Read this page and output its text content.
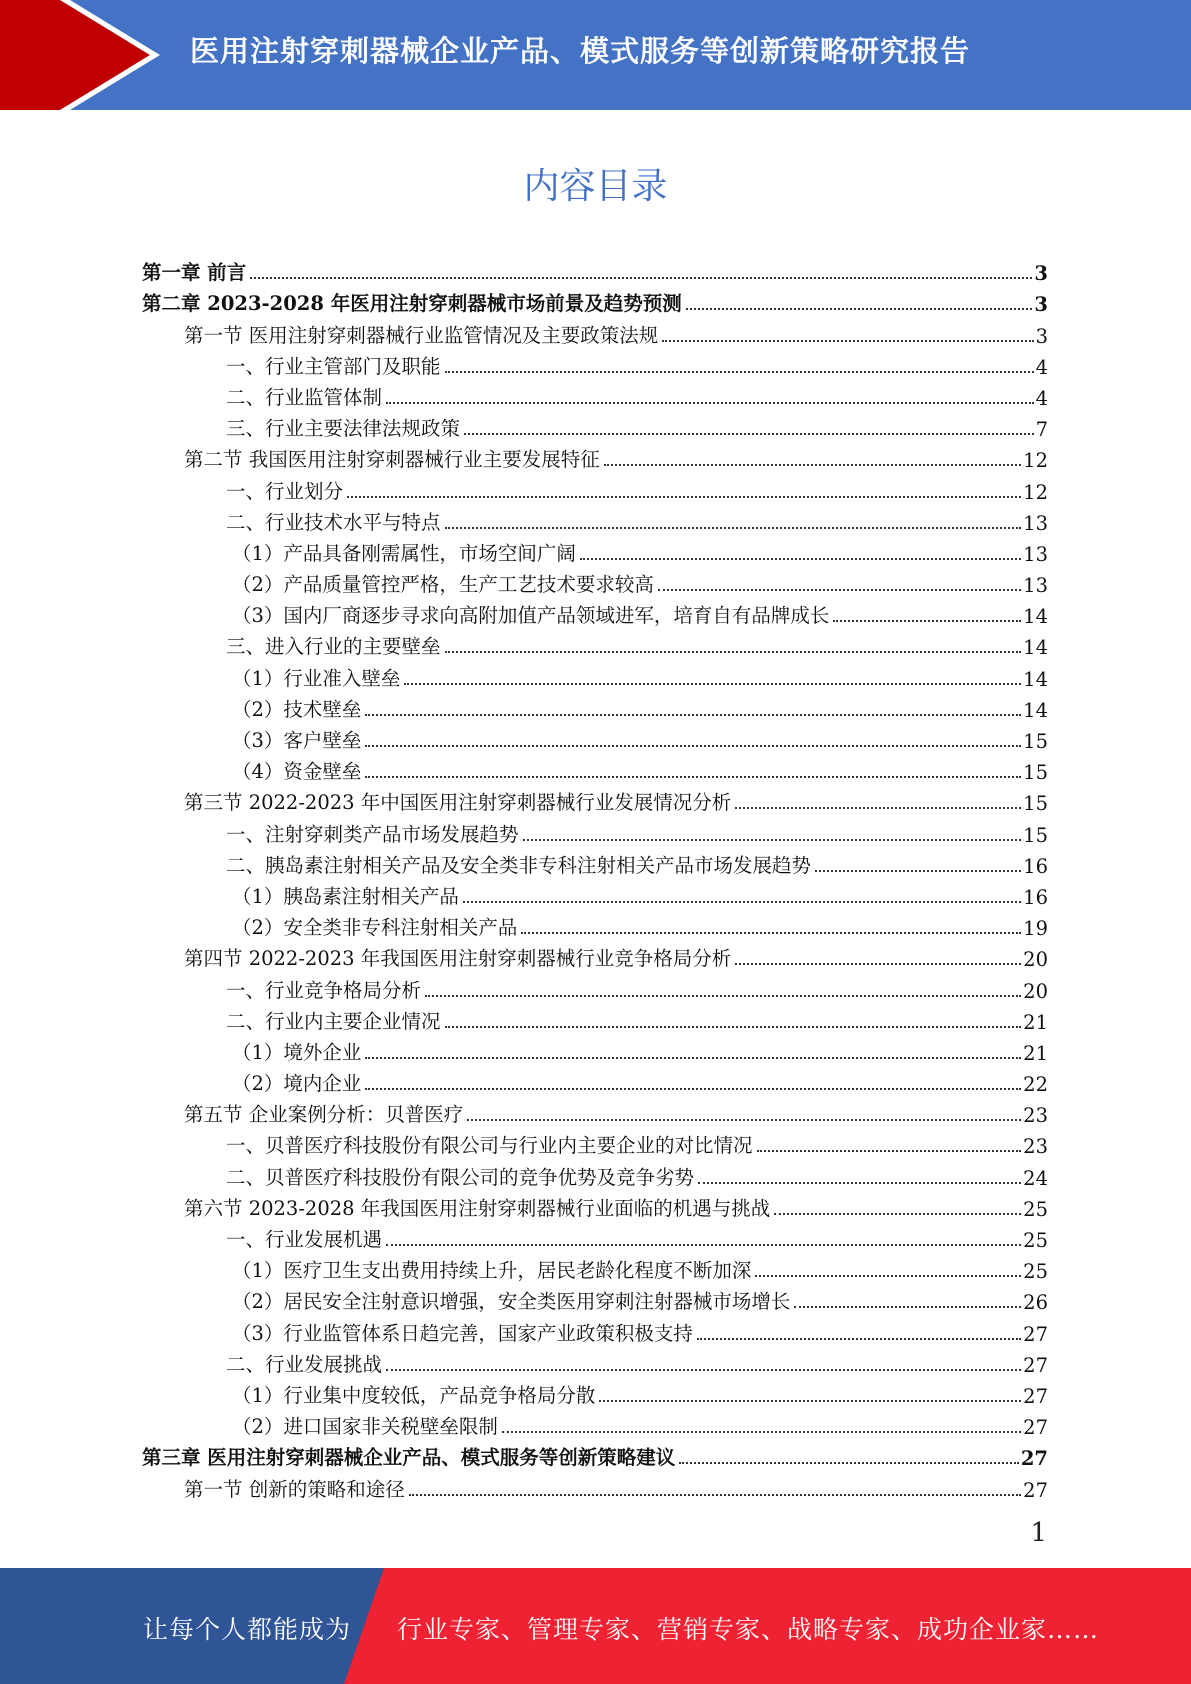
医用注射穿刺器械企业产品、模式服务等创新策略研究报告
内容目录
第一章 前言	3
第二章 2023-2028 年医用注射穿刺器械市场前景及趋势预测	3
第一节 医用注射穿刺器械行业监管情况及主要政策法规	3
一、行业主管部门及职能	4
二、行业监管体制	4
三、行业主要法律法规政策	7
第二节 我国医用注射穿刺器械行业主要发展特征	12
一、行业划分	12
二、行业技术水平与特点	13
（1）产品具备刚需属性，市场空间广阔	13
（2）产品质量管控严格，生产工艺技术要求较高	13
（3）国内厂商逐步寻求向高附加值产品领域进军，培育自有品牌成长	14
三、进入行业的主要壁垒	14
（1）行业准入壁垒	14
（2）技术壁垒	14
（3）客户壁垒	15
（4）资金壁垒	15
第三节 2022-2023 年中国医用注射穿刺器械行业发展情况分析	15
一、注射穿刺类产品市场发展趋势	15
二、胰岛素注射相关产品及安全类非专科注射相关产品市场发展趋势	16
（1）胰岛素注射相关产品	16
（2）安全类非专科注射相关产品	19
第四节 2022-2023 年我国医用注射穿刺器械行业竞争格局分析	20
一、行业竞争格局分析	20
二、行业内主要企业情况	21
（1）境外企业	21
（2）境内企业	22
第五节 企业案例分析：贝普医疗	23
一、贝普医疗科技股份有限公司与行业内主要企业的对比情况	23
二、贝普医疗科技股份有限公司的竞争优势及竞争劣势	24
第六节 2023-2028 年我国医用注射穿刺器械行业面临的机遇与挑战	25
一、行业发展机遇	25
（1）医疗卫生支出费用持续上升，居民老龄化程度不断加深	25
（2）居民安全注射意识增强，安全类医用穿刺注射器械市场增长	26
（3）行业监管体系日趋完善，国家产业政策积极支持	27
二、行业发展挑战	27
（1）行业集中度较低，产品竞争格局分散	27
（2）进口国家非关税壁垒限制	27
第三章 医用注射穿刺器械企业产品、模式服务等创新策略建议	27
第一节 创新的策略和途径	27
1
让每个人都能成为 行业专家、管理专家、营销专家、战略专家、成功企业家……
